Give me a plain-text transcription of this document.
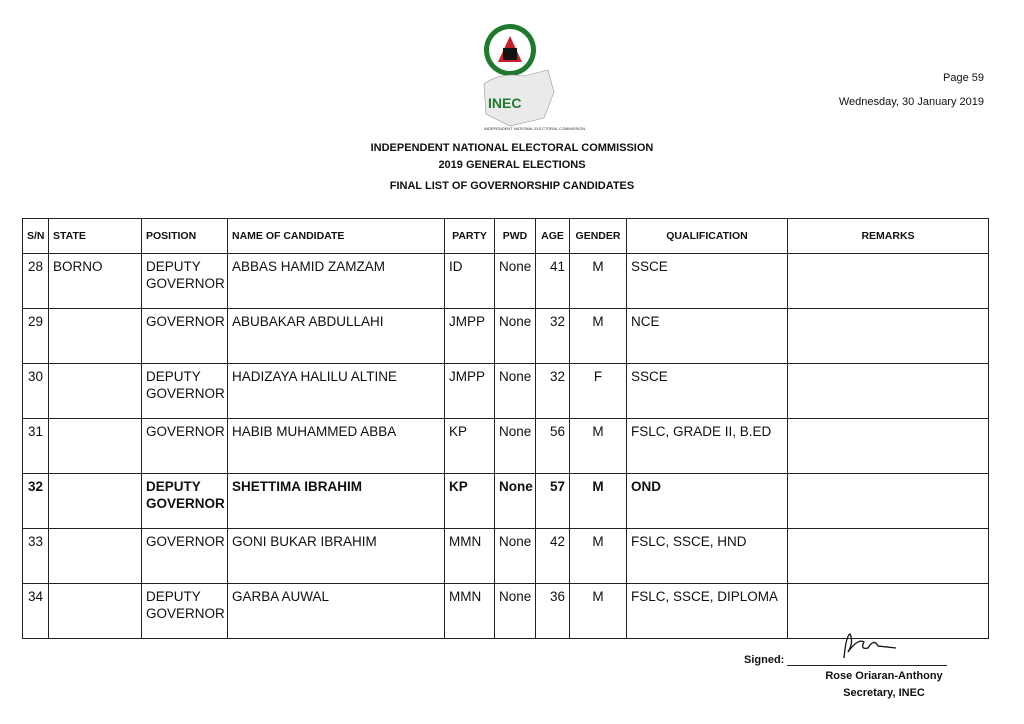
INEC
INDEPENDENT NATIONAL ELECTORAL COMMISSION
Page 59
Wednesday, 30 January 2019
INDEPENDENT NATIONAL ELECTORAL COMMISSION
2019 GENERAL ELECTIONS
FINAL LIST OF GOVERNORSHIP CANDIDATES
S/N	STATE	POSITION	NAME OF CANDIDATE	PARTY	PWD	AGE	GENDER	QUALIFICATION	REMARKS
28	BORNO	DEPUTY GOVERNOR	ABBAS HAMID ZAMZAM	ID	None	41	M	SSCE	
29		GOVERNOR	ABUBAKAR ABDULLAHI	JMPP	None	32	M	NCE	
30		DEPUTY GOVERNOR	HADIZAYA HALILU ALTINE	JMPP	None	32	F	SSCE	
31		GOVERNOR	HABIB MUHAMMED ABBA	KP	None	56	M	FSLC, GRADE II, B.ED	
32		DEPUTY GOVERNOR	SHETTIMA IBRAHIM	KP	None	57	M	OND	
33		GOVERNOR	GONI BUKAR IBRAHIM	MMN	None	42	M	FSLC, SSCE, HND	
34		DEPUTY GOVERNOR	GARBA AUWAL	MMN	None	36	M	FSLC, SSCE, DIPLOMA	
Signed:
Rose Oriaran-Anthony
Secretary, INEC
